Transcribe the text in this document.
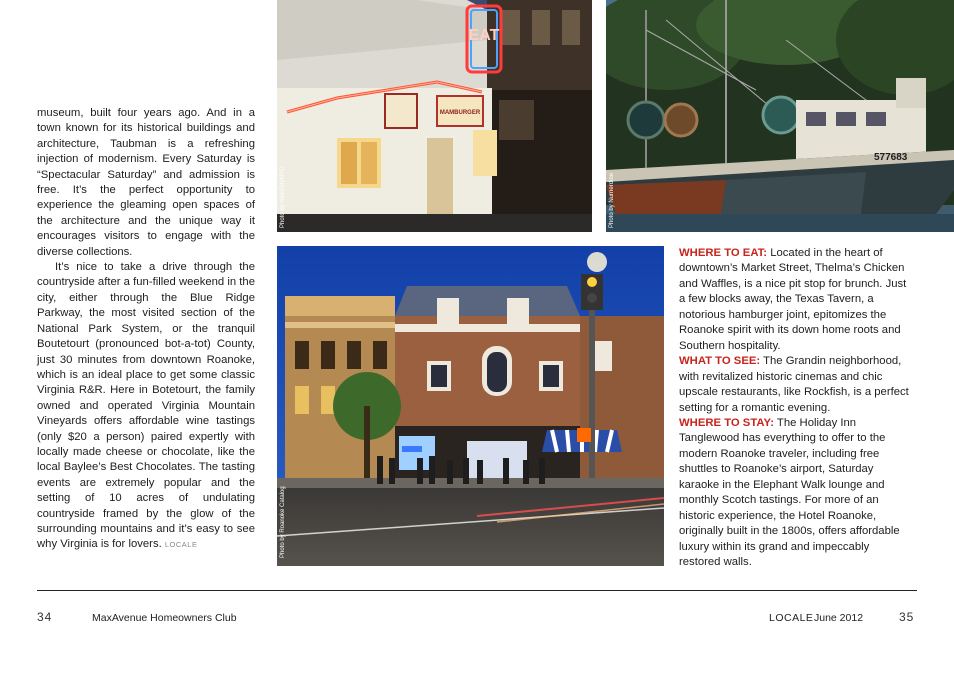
museum, built four years ago. And in a town known for its historical buildings and architecture, Taubman is a refreshing injection of modernism. Every Saturday is “Spectacular Saturday” and admission is free. It’s the perfect opportunity to experience the gleaming open spaces of the architecture and the unique way it encourages visitors to engage with the diverse collections.

It’s nice to take a drive through the countryside after a fun-filled weekend in the city, either through the Blue Ridge Parkway, the most visited section of the National Park System, or the tranquil Boutetourt (pronounced bot-a-tot) County, just 30 minutes from downtown Roanoke, which is an ideal place to get some classic Virginia R&R. Here in Botetourt, the family owned and operated Virginia Mountain Vineyards offers affordable wine tastings (only $20 a person) paired expertly with locally made cheese or chocolate, like the local Baylee’s Best Chocolates. The tasting events are extremely popular and the setting of 10 acres of undulating countryside framed by the glow of the surrounding mountains and it’s easy to see why Virginia is for lovers. LOCALE

EAT
MAMBURGER
Photo by NickGrn/NYC
577683
Photo by Nurnerdine
Photo by Roanoke Catalog

WHERE TO EAT: Located in the heart of downtown’s Market Street, Thelma’s Chicken and Waffles, is a nice pit stop for brunch. Just a few blocks away, the Texas Tavern, a notorious hamburger joint, epitomizes the Roanoke spirit with its down home roots and Southern hospitality.

WHAT TO SEE: The Grandin neighborhood, with revitalized historic cinemas and chic upscale restaurants, like Rockfish, is a perfect setting for a romantic evening.

WHERE TO STAY: The Holiday Inn Tanglewood has everything to offer to the modern Roanoke traveler, including free shuttles to Roanoke’s airport, Saturday karaoke in the Elephant Walk lounge and monthly Scotch tastings. For more of an historic experience, the Hotel Roanoke, originally built in the 1800s, offers affordable luxury within its grand and impeccably restored walls.

34	MaxAvenue Homeowners Club	LOCALE June 2012	35
